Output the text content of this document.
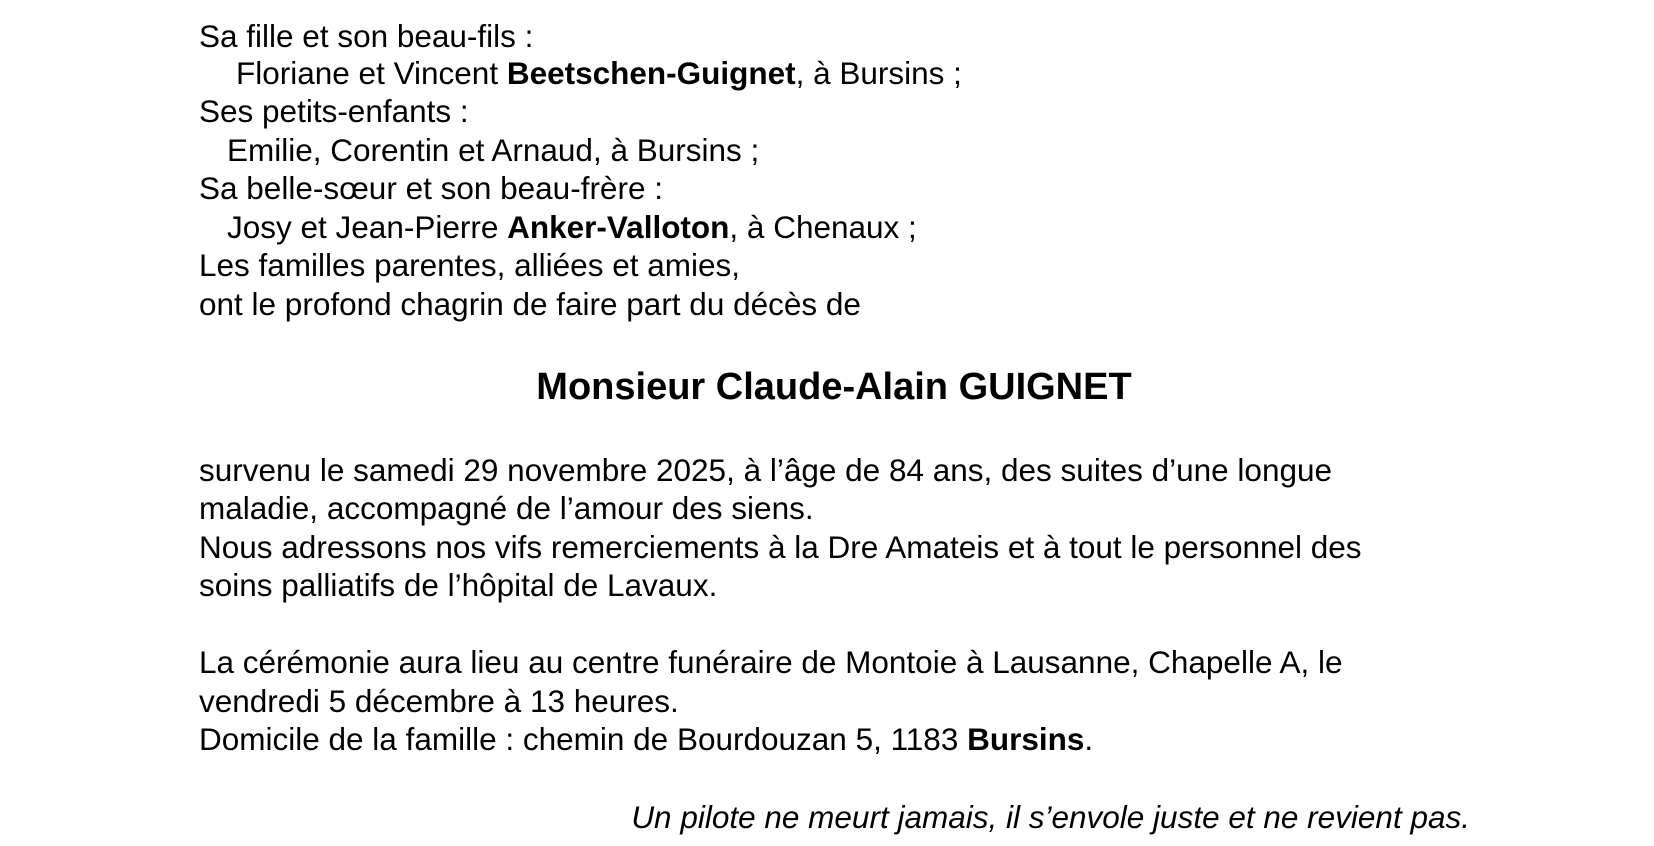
Sa fille et son beau-fils :
Floriane et Vincent Beetschen-Guignet, à Bursins ;
Ses petits-enfants :
Emilie, Corentin et Arnaud, à Bursins ;
Sa belle-sœur et son beau-frère :
Josy et Jean-Pierre Anker-Valloton, à Chenaux ;
Les familles parentes, alliées et amies,
ont le profond chagrin de faire part du décès de
Monsieur Claude-Alain GUIGNET
survenu le samedi 29 novembre 2025, à l’âge de 84 ans, des suites d’une longue
maladie, accompagné de l’amour des siens.
Nous adressons nos vifs remerciements à la Dre Amateis et à tout le personnel des
soins palliatifs de l’hôpital de Lavaux.
La cérémonie aura lieu au centre funéraire de Montoie à Lausanne, Chapelle A, le
vendredi 5 décembre à 13 heures.
Domicile de la famille : chemin de Bourdouzan 5, 1183 Bursins.
Un pilote ne meurt jamais, il s’envole juste et ne revient pas.
